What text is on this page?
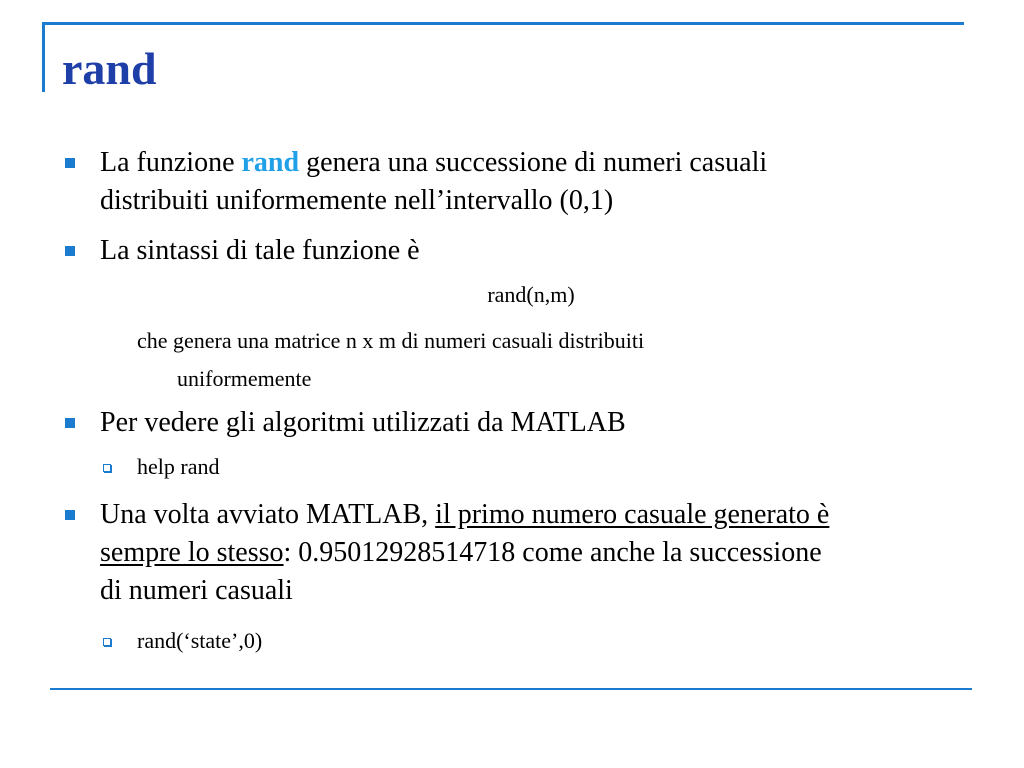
rand
La funzione rand genera una successione di numeri casuali
distribuiti uniformemente nell’intervallo (0,1)
La sintassi di tale funzione è
rand(n,m)
che genera una matrice n x m di numeri casuali distribuiti
uniformemente
Per vedere gli algoritmi utilizzati da MATLAB
help rand
Una volta avviato MATLAB, il primo numero casuale generato è
sempre lo stesso: 0.95012928514718 come anche la successione
di numeri casuali
rand(‘state’,0)
